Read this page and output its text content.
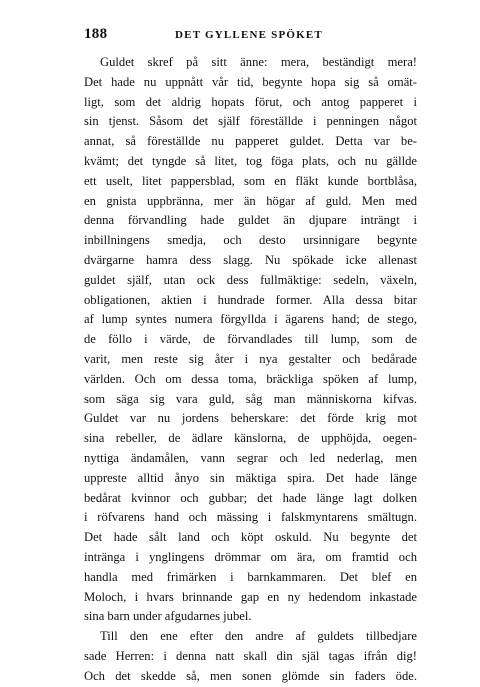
188	DET GYLLENE SPÖKET
Guldet skref på sitt änne: mera, beständigt mera!
Det hade nu uppnått vår tid, begynte hopa sig så omät-
ligt, som det aldrig hopats förut, och antog papperet i
sin tjenst. Såsom det själf föreställde i penningen något
annat, så föreställde nu papperet guldet. Detta var be-
kvämt; det tyngde så litet, tog föga plats, och nu gällde
ett uselt, litet pappersblad, som en fläkt kunde bortblåsa,
en gnista uppbränna, mer än högar af guld. Men med
denna förvandling hade guldet än djupare inträngt i
inbillningens smedja, och desto ursinnigare begynte
dvärgarne hamra dess slagg. Nu spökade icke allenast
guldet själf, utan ock dess fullmäktige: sedeln, växeln,
obligationen, aktien i hundrade former. Alla dessa bitar
af lump syntes numera förgyllda i ägarens hand; de stego,
de föllo i värde, de förvandlades till lump, som de
varit, men reste sig åter i nya gestalter och bedårade
världen. Och om dessa toma, bräckliga spöken af lump,
som säga sig vara guld, såg man människorna kifvas.
Guldet var nu jordens beherskare: det förde krig mot
sina rebeller, de ädlare känslorna, de upphöjda, oegen-
nyttiga ändamålen, vann segrar och led nederlag, men
uppreste alltid ånyo sin mäktiga spira. Det hade länge
bedårat kvinnor och gubbar; det hade länge lagt dolken
i röfvarens hand och mässing i falskmyntarens smältugn.
Det hade sålt land och köpt oskuld. Nu begynte det
intränga i ynglingens drömmar om ära, om framtid och
handla med frimärken i barnkammaren. Det blef en
Moloch, i hvars brinnande gap en ny hedendom inkastade
sina barn under afgudarnes jubel.
Till den ene efter den andre af guldets tillbedjare
sade Herren: i denna natt skall din själ tagas ifrån dig!
Och det skedde så, men sonen glömde sin faders öde.
